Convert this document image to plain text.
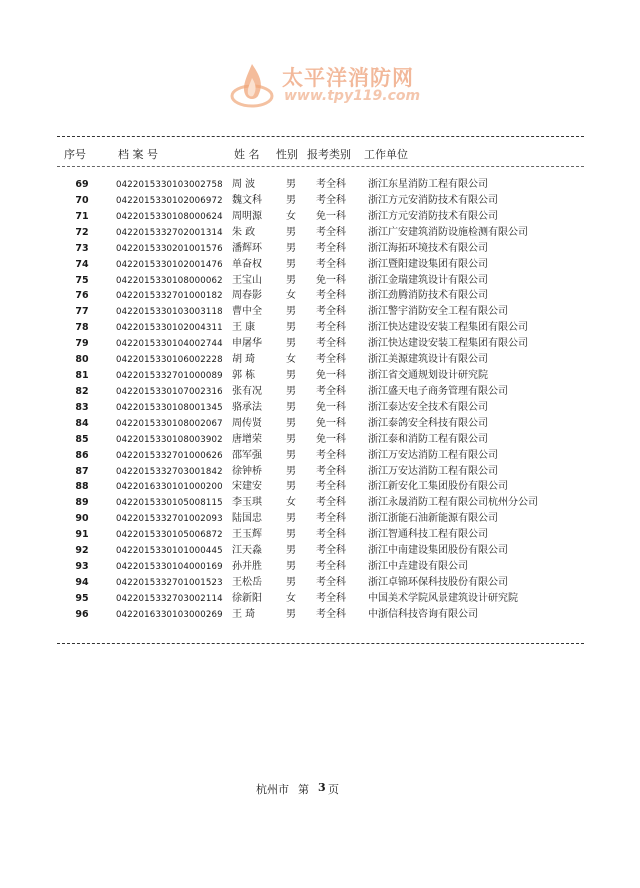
太平洋消防网
www.tpy119.com
序号	档 案 号	姓 名 性别 报考类别 工作单位
69	0422015330103002758 周 波	男 考全科 浙江东星消防工程有限公司
70	0422015330102006972 魏文科 男 考全科 浙江方元安消防技术有限公司
71	0422015330108000624 周明源 女 免一科 浙江方元安消防技术有限公司
72	0422015332702001314 朱 政	男 考全科 浙江广安建筑消防设施检测有限公司
73	0422015330201001576 潘辉环 男 考全科 浙江海拓环境技术有限公司
74	0422015330102001476 单奋权 男 考全科 浙江暨阳建设集团有限公司
75	0422015330108000062 王宝山 男 免一科 浙江金瑞建筑设计有限公司
76	0422015332701000182 周春影 女 考全科 浙江劲腾消防技术有限公司
77	0422015330103003118 曹中全 男 考全科 浙江警宇消防安全工程有限公司
78	0422015330102004311 王 康	男 考全科 浙江快达建设安装工程集团有限公司
79	0422015330104002744 申屠华 男 考全科 浙江快达建设安装工程集团有限公司
80	0422015330106002228 胡 琦	女 考全科 浙江美源建筑设计有限公司
81	0422015332701000089 郭 栋	男 免一科 浙江省交通规划设计研究院
82	0422015330107002316 张有况 男 考全科 浙江盛天电子商务管理有限公司
83	0422015330108001345 骆承法 男 免一科 浙江泰达安全技术有限公司
84	0422015330108002067 周传贤 男 免一科 浙江泰鸽安全科技有限公司
85	0422015330108003902 唐增荣 男 免一科 浙江泰和消防工程有限公司
86	0422015332701000626 邵军强 男 考全科 浙江万安达消防工程有限公司
87	0422015332703001842 徐钟桥 男 考全科 浙江万安达消防工程有限公司
88	0422016330101000200 宋建安 男 考全科 浙江新安化工集团股份有限公司
89	0422015330105008115 李玉琪 女 考全科 浙江永晟消防工程有限公司杭州分公司
90	0422015332701002093 陆国忠 男 考全科 浙江浙能石油新能源有限公司
91	0422015330105006872 王玉辉 男 考全科 浙江智通科技工程有限公司
92	0422015330101000445 江天淼 男 考全科 浙江中南建设集团股份有限公司
93	0422015330104000169 孙并胜 男 考全科 浙江中垚建设有限公司
94	0422015332701001523 王松岳 男 考全科 浙江卓锦环保科技股份有限公司
95	0422015332703002114 徐新阳 女 考全科 中国美术学院风景建筑设计研究院
96	0422016330103000269 王 琦	男 考全科 中浙信科技咨询有限公司
杭州市 第 3 页
